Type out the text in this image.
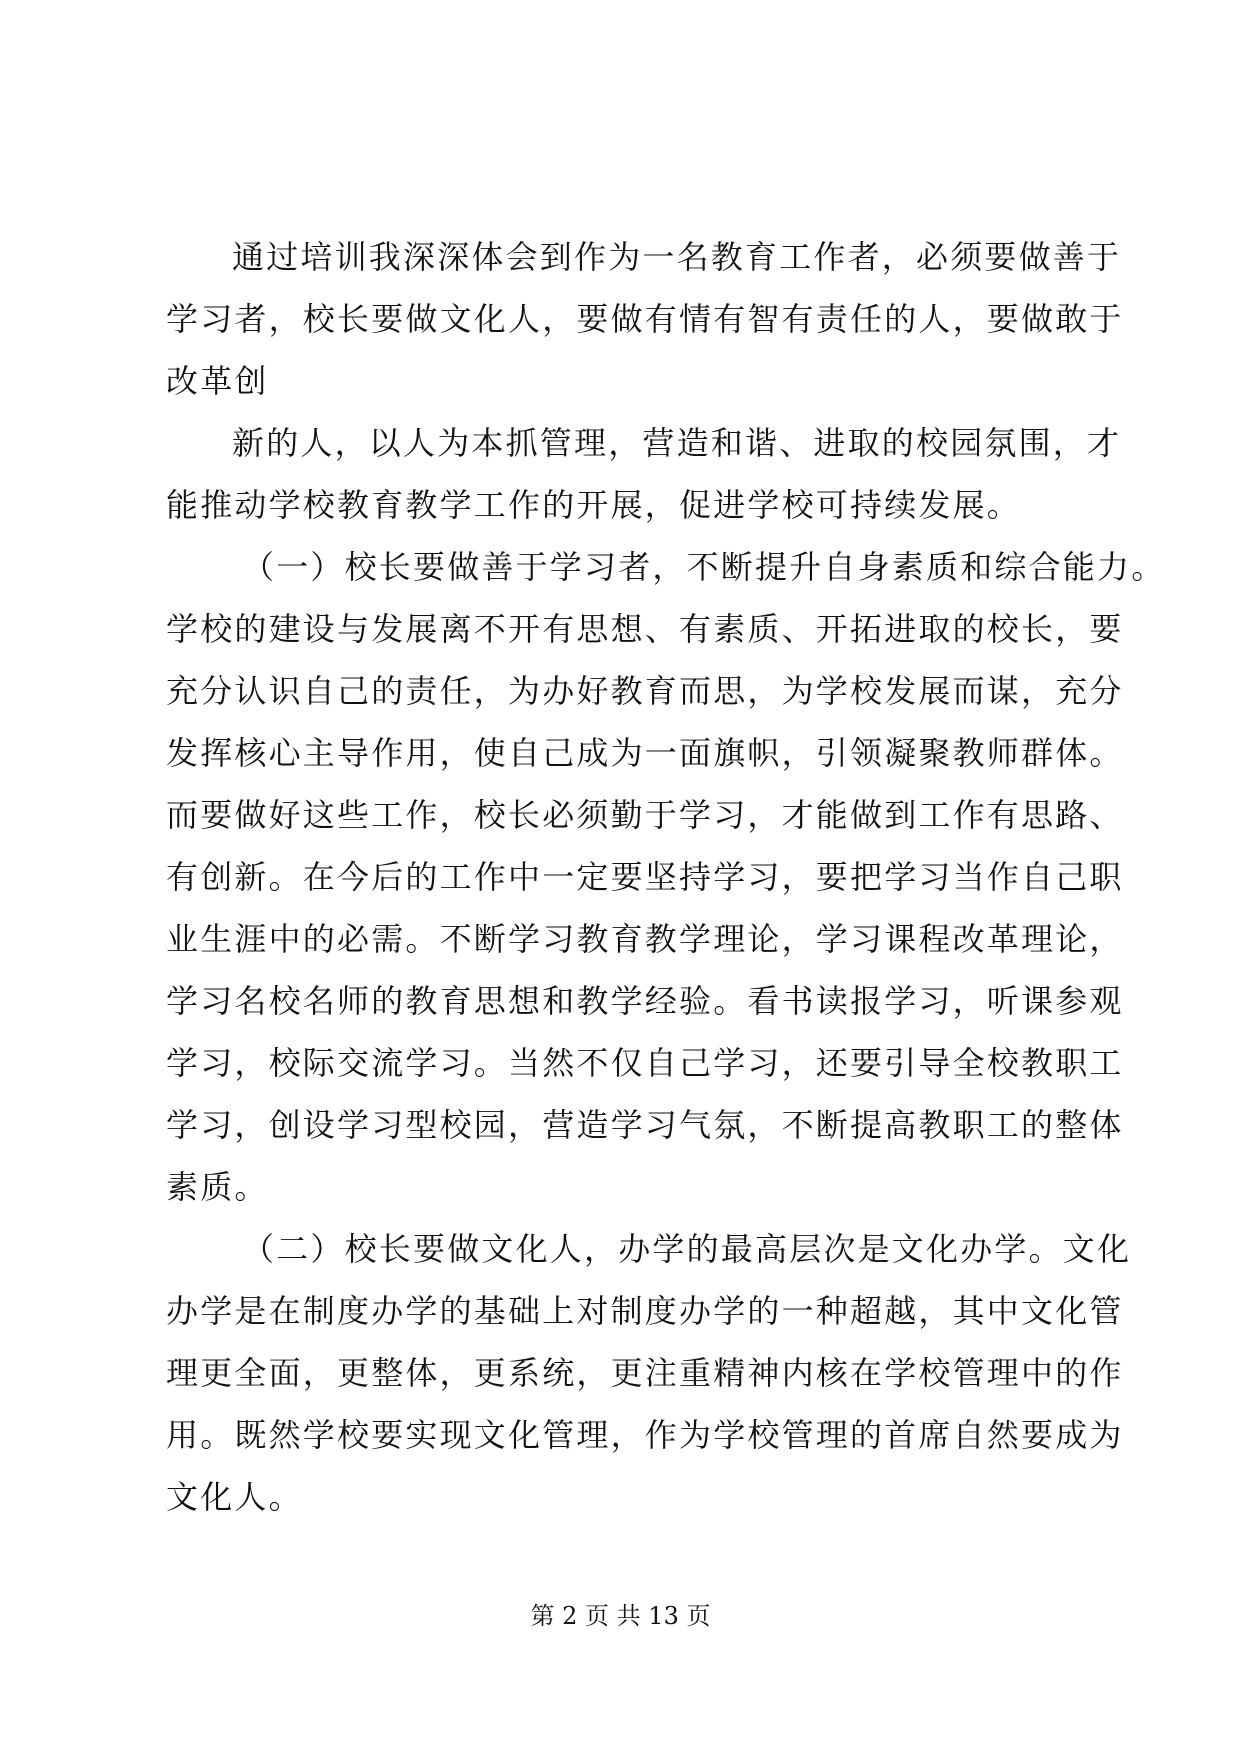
通过培训我深深体会到作为一名教育工作者，必须要做善于
学习者，校长要做文化人，要做有情有智有责任的人，要做敢于
改革创
新的人，以人为本抓管理，营造和谐、进取的校园氛围，才
能推动学校教育教学工作的开展，促进学校可持续发展。
（一）校长要做善于学习者，不断提升自身素质和综合能力。
学校的建设与发展离不开有思想、有素质、开拓进取的校长，要
充分认识自己的责任，为办好教育而思，为学校发展而谋，充分
发挥核心主导作用，使自己成为一面旗帜，引领凝聚教师群体。
而要做好这些工作，校长必须勤于学习，才能做到工作有思路、
有创新。在今后的工作中一定要坚持学习，要把学习当作自己职
业生涯中的必需。不断学习教育教学理论，学习课程改革理论，
学习名校名师的教育思想和教学经验。看书读报学习，听课参观
学习，校际交流学习。当然不仅自己学习，还要引导全校教职工
学习，创设学习型校园，营造学习气氛，不断提高教职工的整体
素质。
（二）校长要做文化人，办学的最高层次是文化办学。文化
办学是在制度办学的基础上对制度办学的一种超越，其中文化管
理更全面，更整体，更系统，更注重精神内核在学校管理中的作
用。既然学校要实现文化管理，作为学校管理的首席自然要成为
文化人。
第 2 页 共 13 页
